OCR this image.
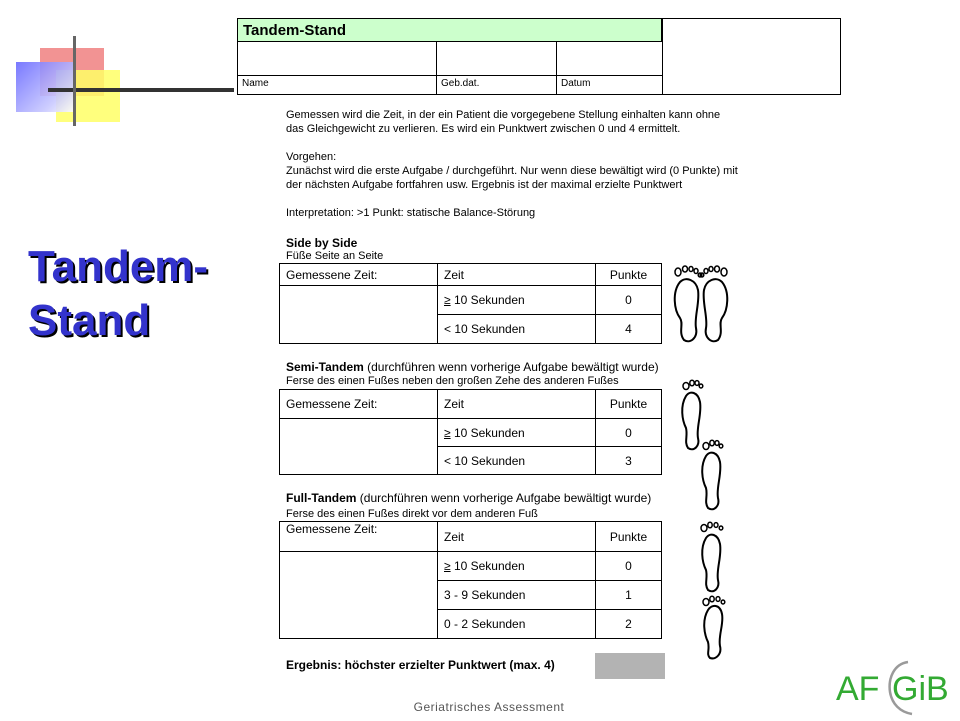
Tandem-
Stand
Tandem-Stand
Name	Geb.dat.	Datum
Gemessen wird die Zeit, in der ein Patient die vorgegebene Stellung einhalten kann ohne
das Gleichgewicht zu verlieren. Es wird ein Punktwert zwischen 0 und 4 ermittelt.
Vorgehen:
Zunächst wird die erste Aufgabe / durchgeführt. Nur wenn diese bewältigt wird (0 Punkte) mit
der nächsten Aufgabe fortfahren usw. Ergebnis ist der maximal erzielte Punktwert
Interpretation: >1 Punkt: statische Balance-Störung
Side by Side
Füße Seite an Seite
Gemessene Zeit:	Zeit	Punkte
	≥ 10 Sekunden	0
	< 10 Sekunden	4
Semi-Tandem (durchführen wenn vorherige Aufgabe bewältigt wurde)
Ferse des einen Fußes neben den großen Zehe des anderen Fußes
Gemessene Zeit:	Zeit	Punkte
	≥ 10 Sekunden	0
	< 10 Sekunden	3
Full-Tandem (durchführen wenn vorherige Aufgabe bewältigt wurde)
Ferse des einen Fußes direkt vor dem anderen Fuß
Gemessene Zeit:	Zeit	Punkte
	≥ 10 Sekunden	0
	3 - 9 Sekunden	1
	0 - 2 Sekunden	2
Ergebnis: höchster erzielter Punktwert (max. 4)
Geriatrisches Assessment	AF GiB
